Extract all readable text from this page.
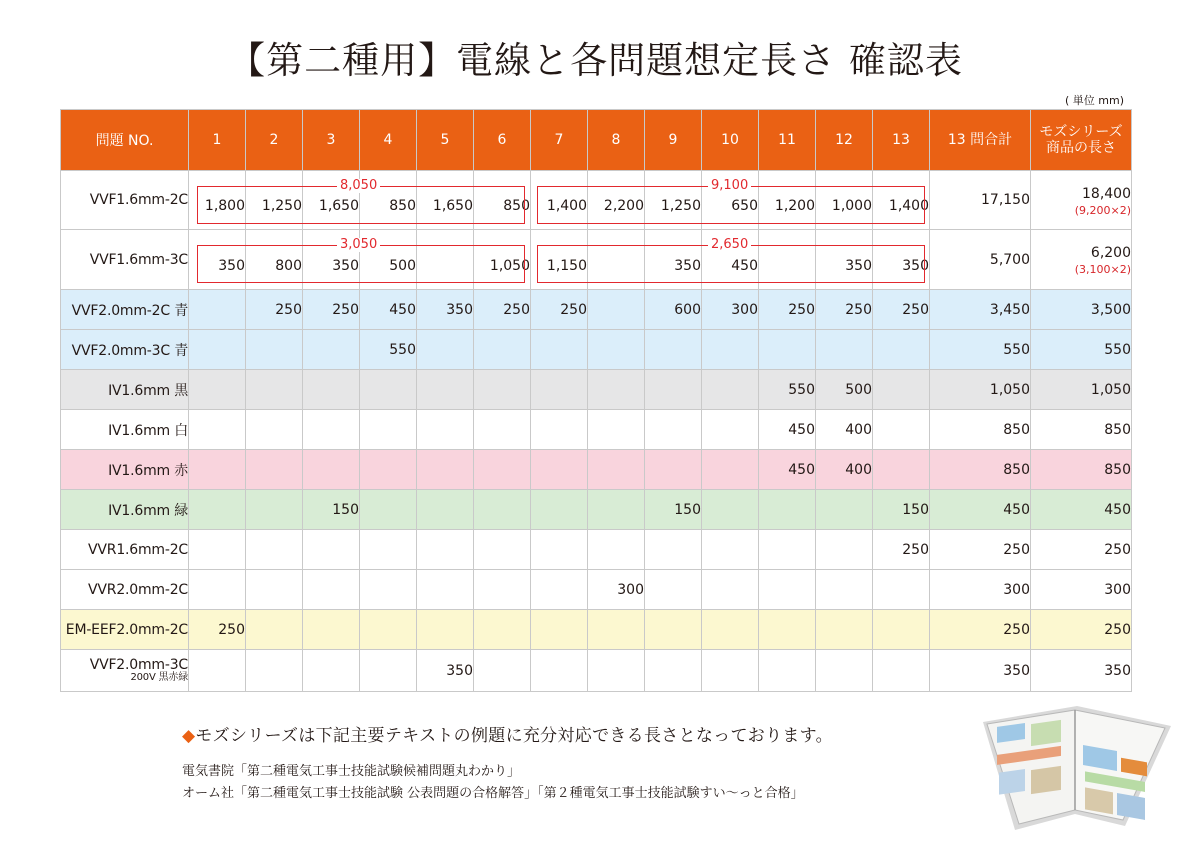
【第二種用】電線と各問題想定長さ 確認表
( 単位 mm)
問題 NO.	1	2	3	4	5	6	7	8	9	10	11	12	13	13 問合計	モズシリーズ
商品の長さ
VVF1.6mm-2C	1,800	1,250	1,650	850	1,650	850	1,400	2,200	1,250	650	1,200	1,000	1,400	17,150	18,400
(9,200×2)

VVF1.6mm-3C	350	800	350	500		1,050	1,150		350	450		350	350	5,700	6,200
(3,100×2)

VVF2.0mm-2C 青		250	250	450	350	250	250		600	300	250	250	250	3,450	3,500

VVF2.0mm-3C 青				550										550	550

IV1.6mm 黒											550	500		1,050	1,050

IV1.6mm 白											450	400		850	850

IV1.6mm 赤											450	400		850	850

IV1.6mm 緑			150						150				150	450	450

VVR1.6mm-2C													250	250	250

VVR2.0mm-2C								300						300	300

EM-EEF2.0mm-2C	250													250	250

VVF2.0mm-3C
200V 黒赤緑					350									350	350
8,050	9,100
3,050	2,650
◆モズシリーズは下記主要テキストの例題に充分対応できる長さとなっております。
電気書院「第二種電気工事士技能試験候補問題丸わかり」
オーム社「第二種電気工事士技能試験 公表問題の合格解答」「第２種電気工事士技能試験すい〜っと合格」
